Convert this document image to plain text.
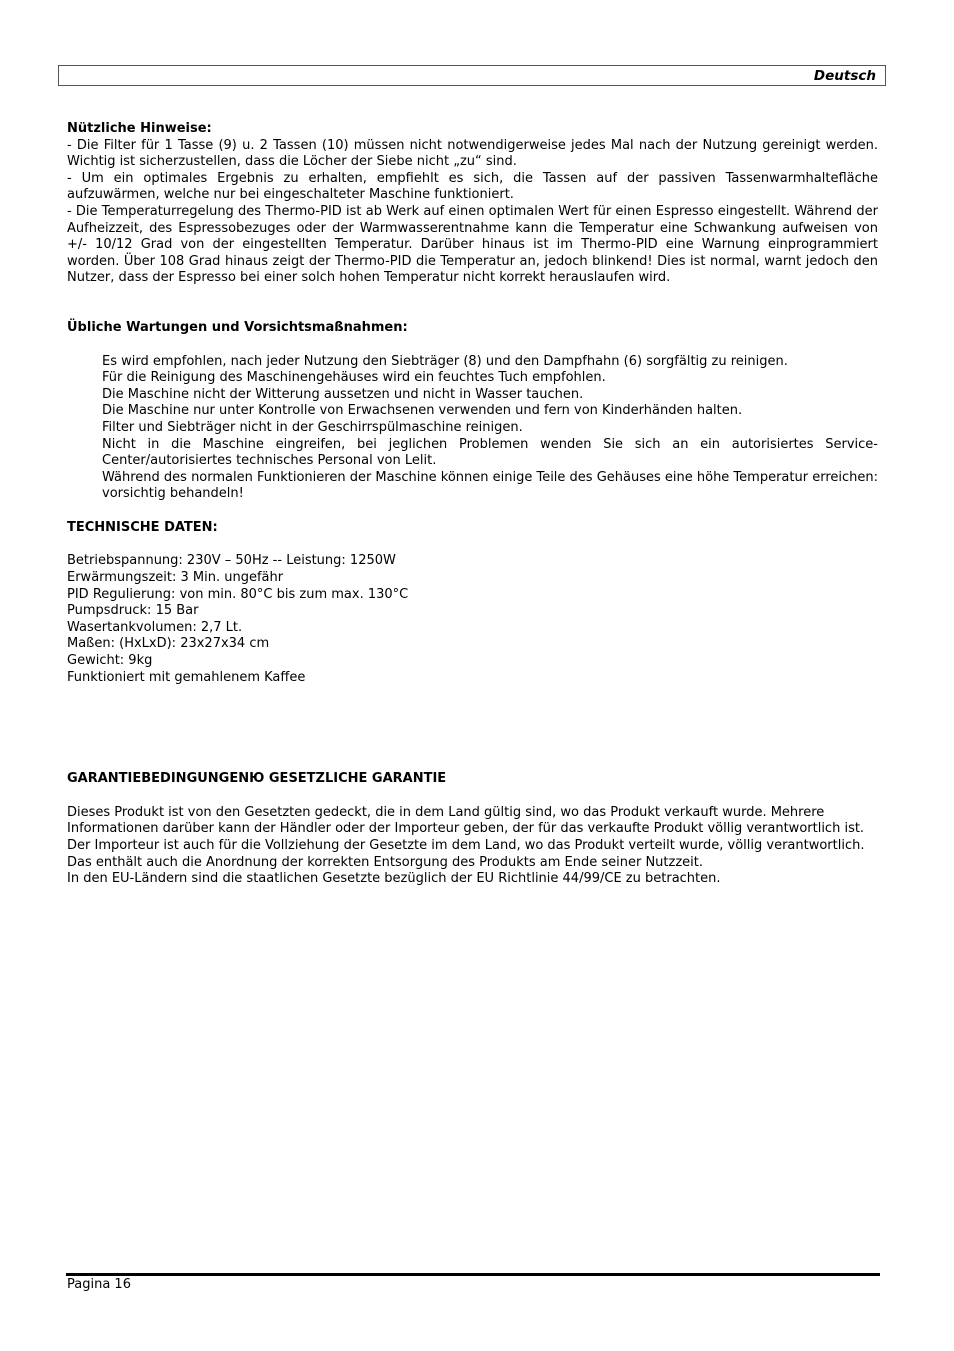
Deutsch
Nützliche Hinweise:
- Die Filter für 1 Tasse (9) u. 2 Tassen (10) müssen nicht notwendigerweise jedes Mal nach der Nutzung gereinigt werden. Wichtig ist sicherzustellen, dass die Löcher der Siebe nicht „zu“ sind.
- Um ein optimales Ergebnis zu erhalten, empfiehlt es sich, die Tassen auf der passiven Tassenwarmhaltefläche aufzuwärmen, welche nur bei eingeschalteter Maschine funktioniert.
- Die Temperaturregelung des Thermo-PID ist ab Werk auf einen optimalen Wert für einen Espresso eingestellt. Während der Aufheizzeit, des Espressobezuges oder der Warmwasserentnahme kann die Temperatur eine Schwankung aufweisen von +/- 10/12 Grad von der eingestellten Temperatur. Darüber hinaus ist im Thermo-PID eine Warnung einprogrammiert worden. Über 108 Grad hinaus zeigt der Thermo-PID die Temperatur an, jedoch blinkend! Dies ist normal, warnt jedoch den Nutzer, dass der Espresso bei einer solch hohen Temperatur nicht korrekt herauslaufen wird.
Übliche Wartungen und Vorsichtsmaßnahmen:
Es wird empfohlen, nach jeder Nutzung den Siebträger (8) und den Dampfhahn (6) sorgfältig zu reinigen.
Für die Reinigung des Maschinengehäuses wird ein feuchtes Tuch empfohlen.
Die Maschine nicht der Witterung aussetzen und nicht in Wasser tauchen.
Die Maschine nur unter Kontrolle von Erwachsenen verwenden und fern von Kinderhänden halten.
Filter und Siebträger nicht in der Geschirrspülmaschine reinigen.
Nicht in die Maschine eingreifen, bei jeglichen Problemen wenden Sie sich an ein autorisiertes Service-Center/autorisiertes technisches Personal von Lelit.
Während des normalen Funktionieren der Maschine können einige Teile des Gehäuses eine höhe Temperatur erreichen: vorsichtig behandeln!
TECHNISCHE DATEN:
Betriebspannung: 230V – 50Hz -- Leistung: 1250W
Erwärmungszeit: 3 Min. ungefähr
PID Regulierung: von min. 80°C bis zum max. 130°C
Pumpsdruck: 15 Bar
Wasertankvolumen: 2,7 Lt.
Maßen: (HxLxD): 23x27x34 cm
Gewicht: 9kg
Funktioniert mit gemahlenem Kaffee
GARANTIEBEDINGUNGENЮ GESETZLICHE GARANTIE
Dieses Produkt ist von den Gesetzten gedeckt, die in dem Land gültig sind, wo das Produkt verkauft wurde. Mehrere Informationen darüber kann der Händler oder der Importeur geben, der für das verkaufte Produkt völlig verantwortlich ist. Der Importeur ist auch für die Vollziehung der Gesetzte im dem Land, wo das Produkt verteilt wurde, völlig verantwortlich. Das enthält auch die Anordnung der korrekten Entsorgung des Produkts am Ende seiner Nutzzeit.
In den EU-Ländern sind die staatlichen Gesetzte bezüglich der EU Richtlinie 44/99/CE zu betrachten.
Pagina 16
